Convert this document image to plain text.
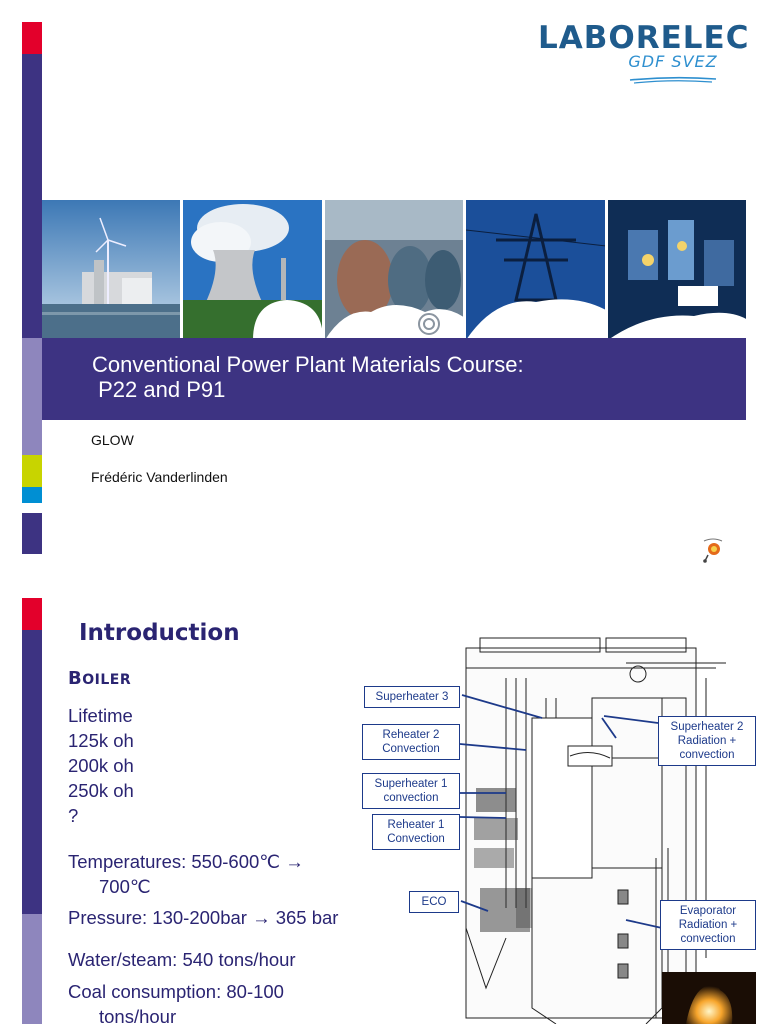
LABORELEC
GDF SVEZ
Conventional Power Plant Materials Course:
P22 and P91
GLOW
Frédéric Vanderlinden
Introduction
BOILER
Lifetime
125k oh
200k oh
250k oh
?
Temperatures: 550-600℃ →
700℃
Pressure: 130-200bar → 365 bar
Water/steam: 540 tons/hour
Coal consumption: 80-100
tons/hour
Superheater 3
Reheater 2
Convection
Superheater 1
convection
Reheater 1
Convection
ECO
Superheater 2
Radiation +
convection
Evaporator
Radiation +
convection
